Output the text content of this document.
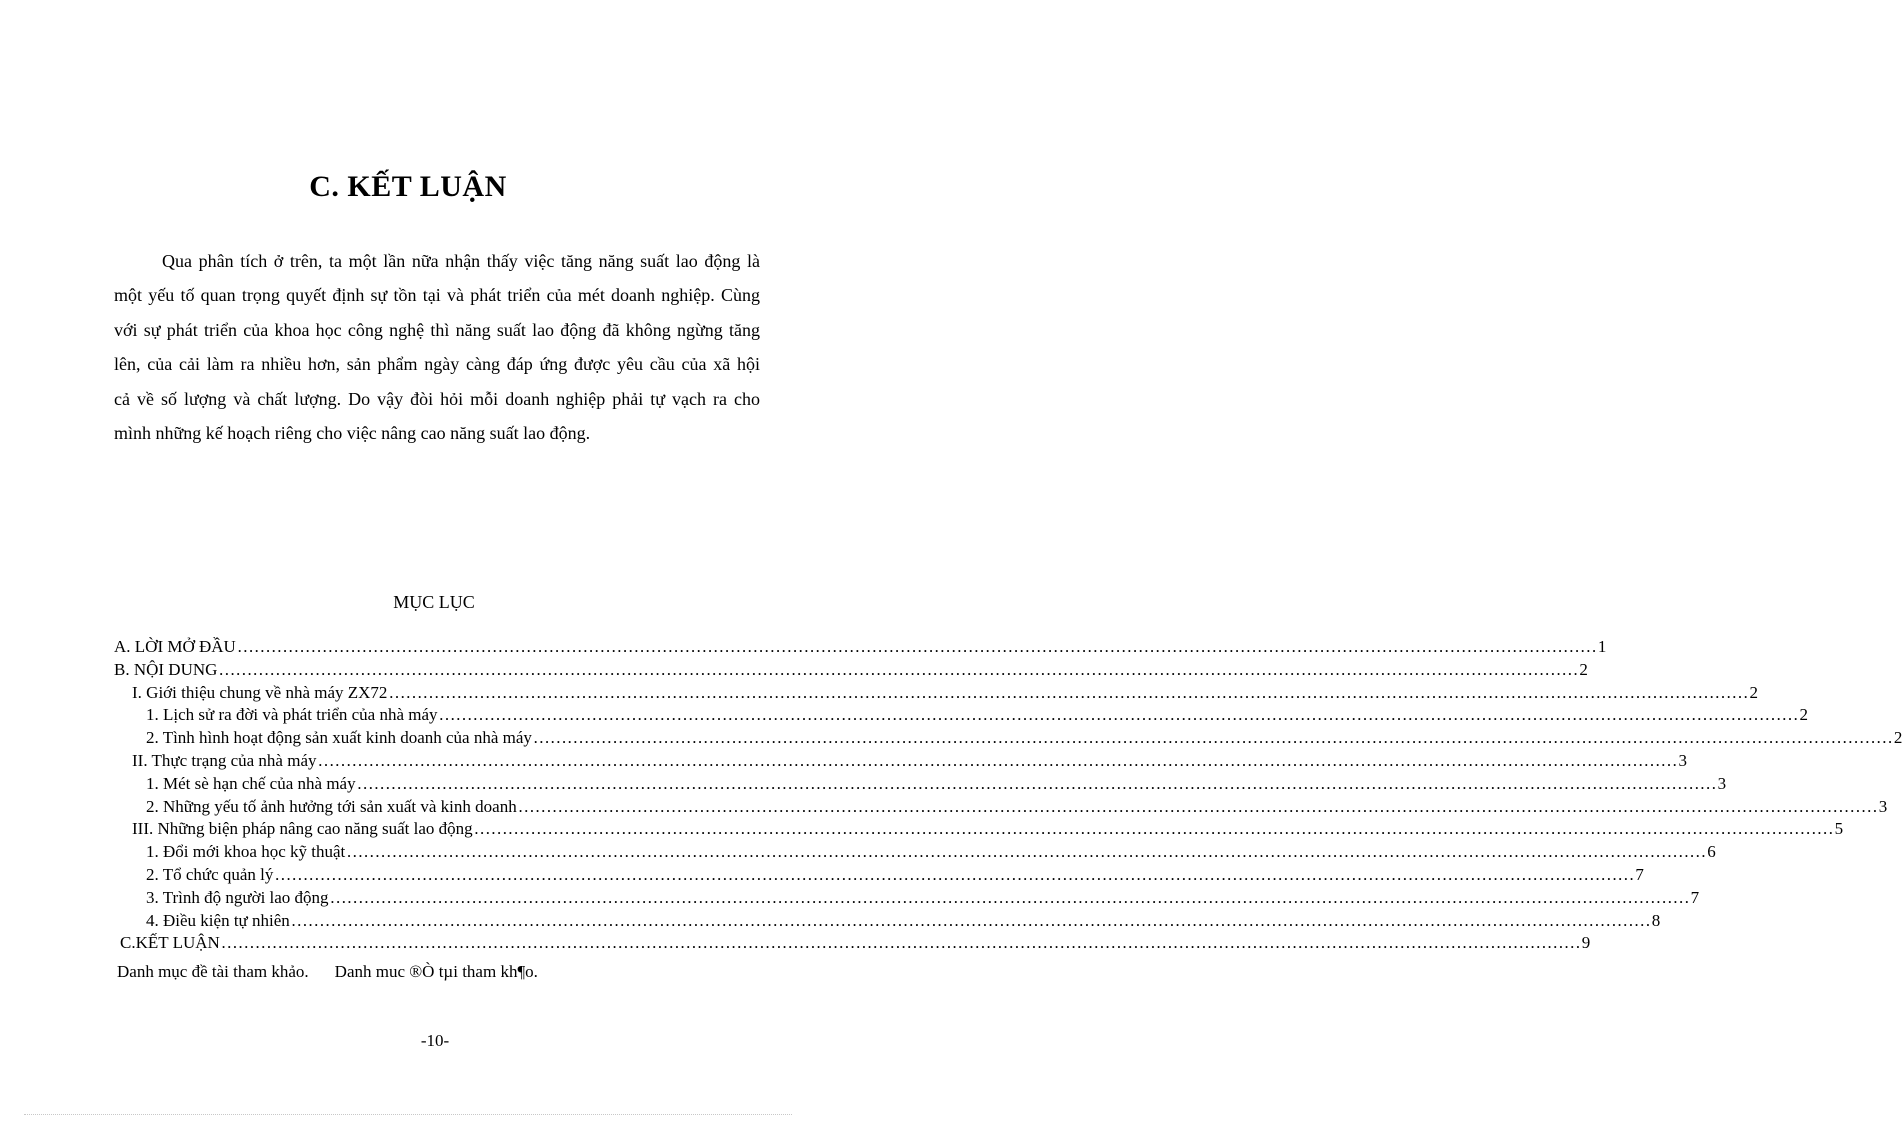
C. KẾT LUẬN

Qua phân tích ở trên, ta một lần nữa nhận thấy việc tăng năng suất lao động là
một yếu tố quan trọng quyết định sự tồn tại và phát triển của mét doanh nghiệp. Cùng
với sự phát triển của khoa học công nghệ thì năng suất lao động đã không ngừng tăng
lên, của cải làm ra nhiều hơn, sản phẩm ngày càng đáp ứng được yêu cầu của xã hội
cả về số lượng và chất lượng. Do vậy đòi hỏi mỗi doanh nghiệp phải tự vạch ra cho
mình những kế hoạch riêng cho việc nâng cao năng suất lao động.

MỤC LỤC
A. LỜI MỞ ĐẦU …………………………………………………………………………………………………………………………………………………………………………………………………………………… 1
B. NỘI DUNG …………………………………………………………………………………………………………………………………………………………………………………………………………………… 2
I. Giới thiệu chung về nhà máy ZX72 …………………………………………………………………………………………………………………………………………………………………………………………………………………… 2
1. Lịch sử ra đời và phát triển của nhà máy …………………………………………………………………………………………………………………………………………………………………………………………………………………… 2
2. Tình hình hoạt động sản xuất kinh doanh của nhà máy …………………………………………………………………………………………………………………………………………………………………………………………………………………… 2
II. Thực trạng của nhà máy …………………………………………………………………………………………………………………………………………………………………………………………………………………… 3
1. Mét sè hạn chế của nhà máy …………………………………………………………………………………………………………………………………………………………………………………………………………………… 3
2. Những yếu tố ảnh hưởng tới sản xuất và kinh doanh …………………………………………………………………………………………………………………………………………………………………………………………………………………… 3
III. Những biện pháp nâng cao năng suất lao động …………………………………………………………………………………………………………………………………………………………………………………………………………………… 5
1. Đổi mới khoa học kỹ thuật …………………………………………………………………………………………………………………………………………………………………………………………………………………… 6
2. Tổ chức quản lý …………………………………………………………………………………………………………………………………………………………………………………………………………………… 7
3. Trình độ người lao động …………………………………………………………………………………………………………………………………………………………………………………………………………………… 7
4. Điều kiện tự nhiên …………………………………………………………………………………………………………………………………………………………………………………………………………………… 8
C.KẾT LUẬN …………………………………………………………………………………………………………………………………………………………………………………………………………………… 9
Danh mục đề tài tham khảo. Danh muc ®Ò tµi tham kh¶o.
-10-
